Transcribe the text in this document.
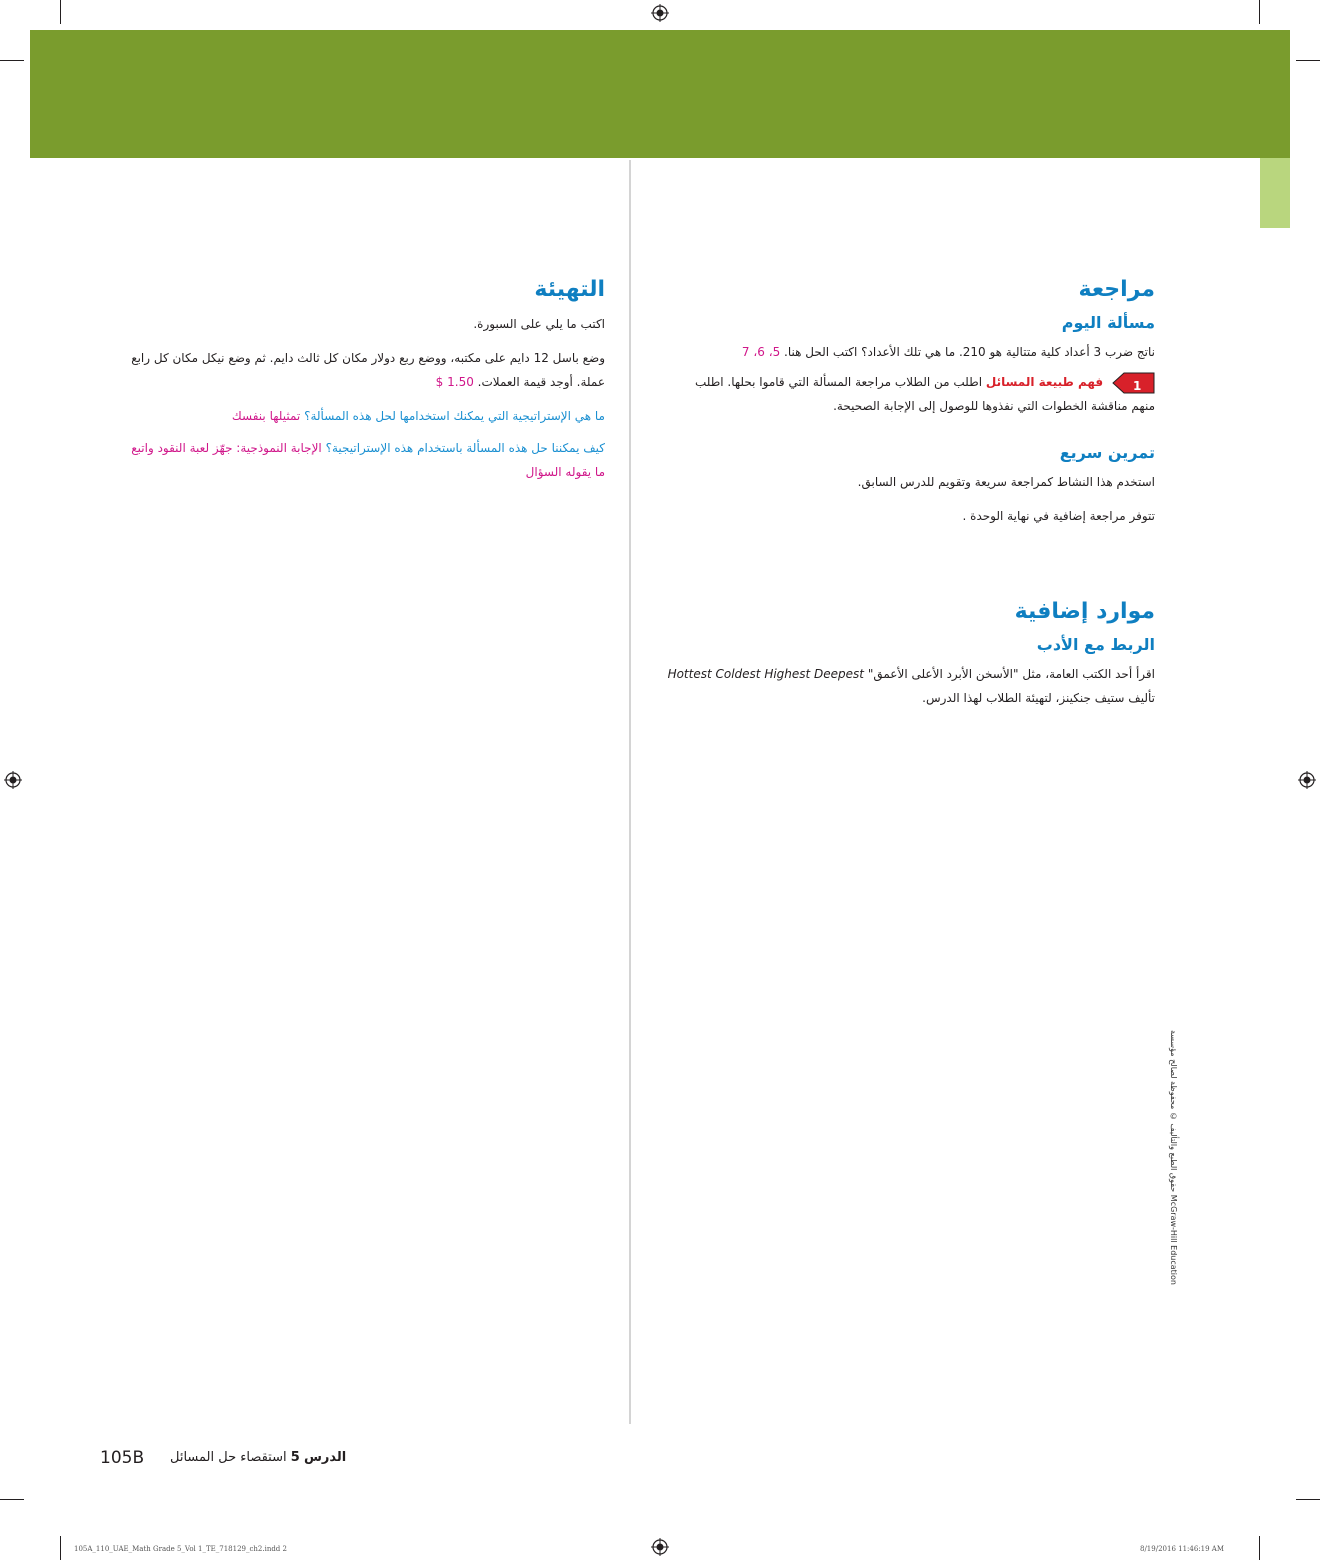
مراجعة
مسألة اليوم

ناتج ضرب 3 أعداد كلية متتالية هو 210. ما هي تلك الأعداد؟ اكتب الحل هنا. 5، 6، 7

1
فهم طبيعة المسائل اطلب من الطلاب مراجعة المسألة التي قاموا بحلها. اطلب
منهم مناقشة الخطوات التي نفذوها للوصول إلى الإجابة الصحيحة.

تمرين سريع

استخدم هذا النشاط كمراجعة سريعة وتقويم للدرس السابق.

تتوفر مراجعة إضافية في نهاية الوحدة .

موارد إضافية
الربط مع الأدب

اقرأ أحد الكتب العامة، مثل "الأسخن الأبرد الأعلى الأعمق" Hottest Coldest Highest Deepest
تأليف ستيف جنكينز، لتهيئة الطلاب لهذا الدرس.

التهيئة

اكتب ما يلي على السبورة.

وضع باسل 12 دايم على مكتبه، ووضع ربع دولار مكان كل ثالث دايم. ثم وضع نيكل مكان كل رابع
عملة. أوجد قيمة العملات. $ 1.50

ما هي الإستراتيجية التي يمكنك استخدامها لحل هذه المسألة؟ تمثيلها بنفسك

كيف يمكننا حل هذه المسألة باستخدام هذه الإستراتيجية؟ الإجابة النموذجية: جهّز لعبة النقود واتبع
ما يقوله السؤال

حقوق الطبع والتأليف © محفوظة لصالح مؤسسة McGraw-Hill Education
105B	الدرس 5 استقصاء حل المسائل
105A_110_UAE_Math Grade 5_Vol 1_TE_718129_ch2.indd 2	8/19/2016 11:46:19 AM
